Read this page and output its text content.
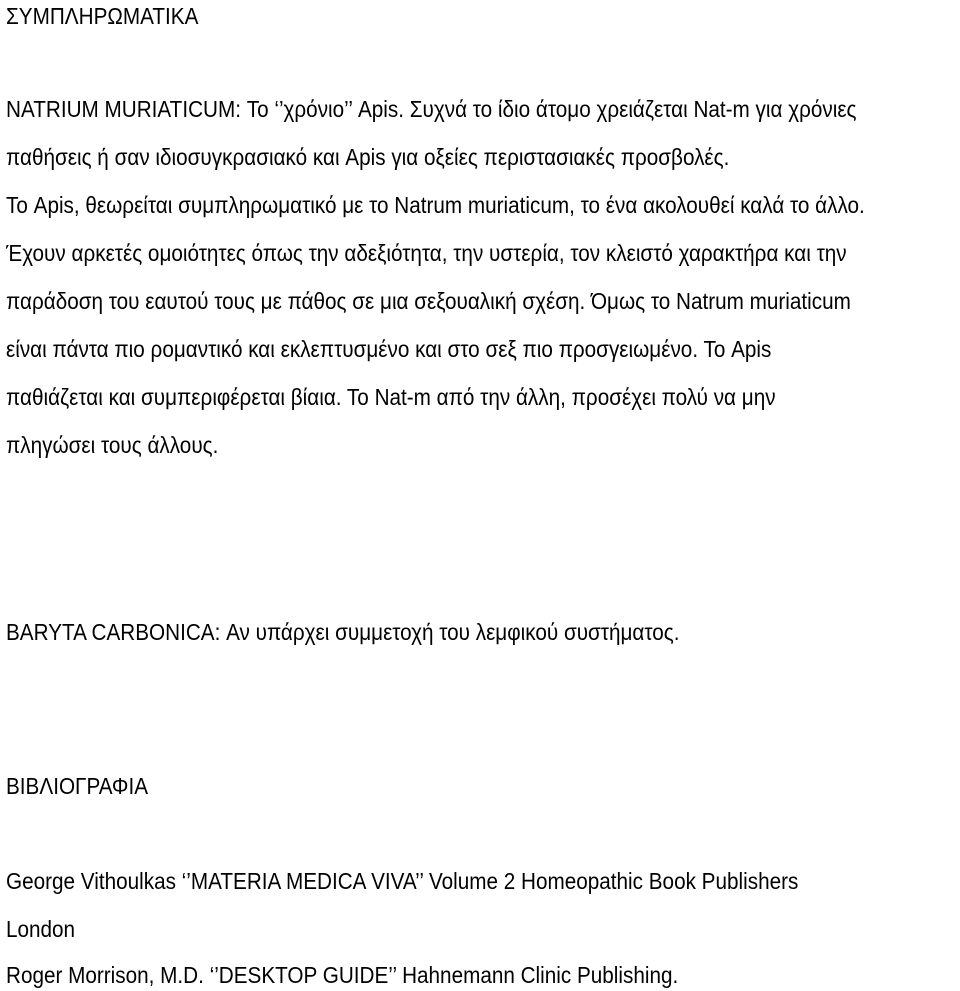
ΣΥΜΠΛΗΡΩΜΑΤΙΚΑ
NATRIUM MURIATICUM: Το ‘’χρόνιο’’ Apis. Συχνά το ίδιο άτομο χρειάζεται Nat-m για χρόνιες
παθήσεις ή σαν ιδιοσυγκρασιακό και Apis για οξείες περιστασιακές προσβολές.
Το Apis, θεωρείται συμπληρωματικό με το Natrum muriaticum, το ένα ακολουθεί καλά το άλλο.
Έχουν αρκετές ομοιότητες όπως την αδεξιότητα, την υστερία, τον κλειστό χαρακτήρα και την
παράδοση του εαυτού τους με πάθος σε μια σεξουαλική σχέση. Όμως το Natrum muriaticum
είναι πάντα πιο ρομαντικό και εκλεπτυσμένο και στο σεξ πιο προσγειωμένο. Το Apis
παθιάζεται και συμπεριφέρεται βίαια. Το Nat-m από την άλλη, προσέχει πολύ να μην
πληγώσει τους άλλους.
BARYTA CARBONICA: Αν υπάρχει συμμετοχή του λεμφικού συστήματος.
ΒΙΒΛΙΟΓΡΑΦΙΑ
George Vithoulkas ‘’MATERIA MEDICA VIVA’’ Volume 2 Homeopathic Book Publishers
London
Roger Morrison, M.D. ‘’DESKTOP GUIDE’’ Hahnemann Clinic Publishing.
